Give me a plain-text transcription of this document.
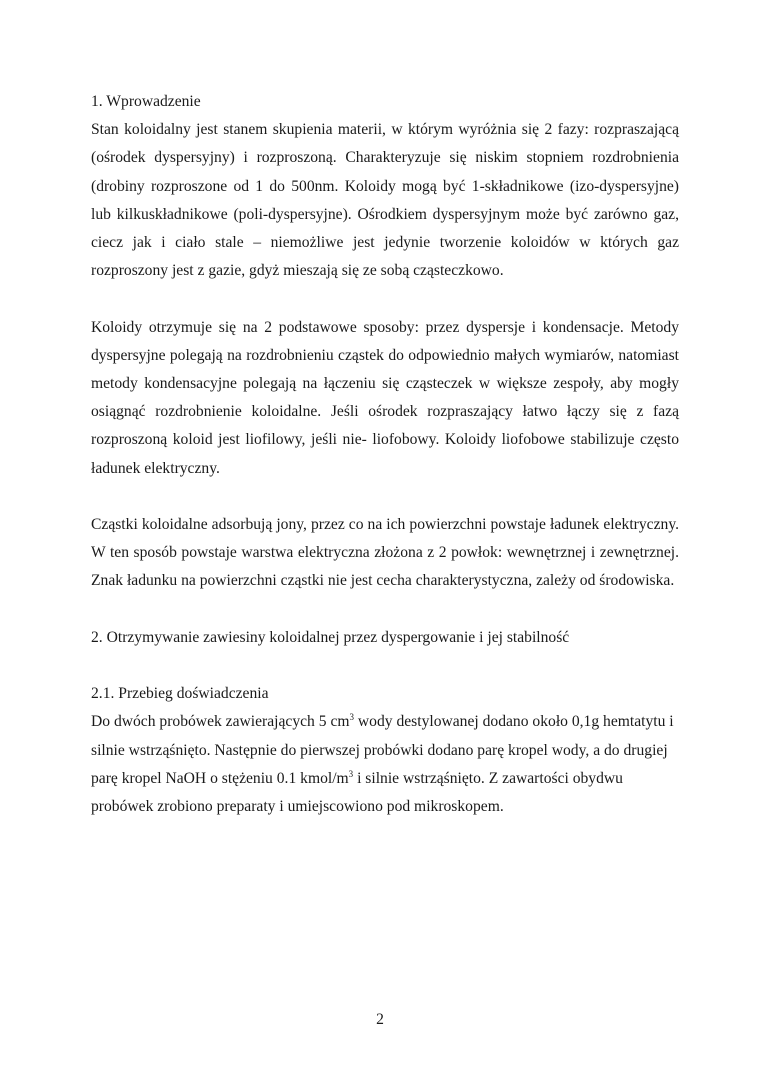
1. Wprowadzenie

Stan koloidalny jest stanem skupienia materii, w którym wyróżnia się 2 fazy: rozpraszającą (ośrodek dyspersyjny) i rozproszoną. Charakteryzuje się niskim stopniem rozdrobnienia (drobiny rozproszone od 1 do 500nm. Koloidy mogą być 1-składnikowe (izo-dyspersyjne) lub kilkuskładnikowe (poli-dyspersyjne). Ośrodkiem dyspersyjnym może być zarówno gaz, ciecz jak i ciało stale – niemożliwe jest jedynie tworzenie koloidów w których gaz rozproszony jest z gazie, gdyż mieszają się ze sobą cząsteczkowo.

Koloidy otrzymuje się na 2 podstawowe sposoby: przez dyspersje i kondensacje. Metody dyspersyjne polegają na rozdrobnieniu cząstek do odpowiednio małych wymiarów, natomiast metody kondensacyjne polegają na łączeniu się cząsteczek w większe zespoły, aby mogły osiągnąć rozdrobnienie koloidalne. Jeśli ośrodek rozpraszający łatwo łączy się z fazą rozproszoną koloid jest liofilowy, jeśli nie- liofobowy. Koloidy liofobowe stabilizuje często ładunek elektryczny.

Cząstki koloidalne adsorbują jony, przez co na ich powierzchni powstaje ładunek elektryczny. W ten sposób powstaje warstwa elektryczna złożona z 2 powłok: wewnętrznej i zewnętrznej. Znak ładunku na powierzchni cząstki nie jest cecha charakterystyczna, zależy od środowiska.

2. Otrzymywanie zawiesiny koloidalnej przez dyspergowanie i jej stabilność

2.1. Przebieg doświadczenia

Do dwóch probówek zawierających 5 $cm^3$ wody destylowanej dodano około 0,1g hemtatytu i silnie wstrząśnięto. Następnie do pierwszej probówki dodano parę kropel wody, a do drugiej parę kropel NaOH o stężeniu 0.1 kmol/$m^3$ i silnie wstrząśnięto. Z zawartości obydwu probówek zrobiono preparaty i umiejscowiono pod mikroskopem.

2
